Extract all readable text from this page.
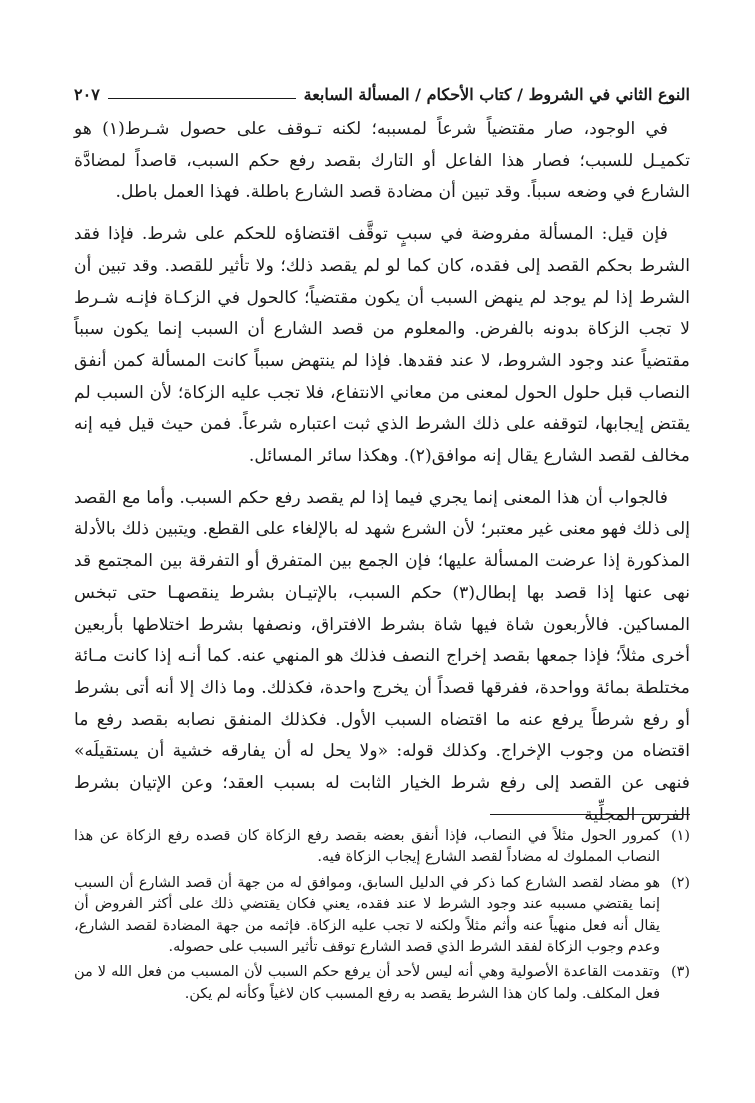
النوع الثاني في الشروط / كتاب الأحكام / المسألة السابعة
٢٠٧

في الوجود، صار مقتضياً شرعاً لمسببه؛ لكنه تـوقف على حصول شـرط(١) هو تكميـل للسبب؛ فصار هذا الفاعل أو التارك بقصد رفع حكم السبب، قاصداً لمضادَّة الشارع في وضعه سبباً. وقد تبين أن مضادة قصد الشارع باطلة. فهذا العمل باطل.

فإن قيل: المسألة مفروضة في سببٍ توقَّف اقتضاؤه للحكم على شرط. فإذا فقد الشرط بحكم القصد إلى فقده، كان كما لو لم يقصد ذلك؛ ولا تأثير للقصد. وقد تبين أن الشرط إذا لم يوجد لم ينهض السبب أن يكون مقتضياً؛ كالحول في الزكـاة فإنـه شـرط لا تجب الزكاة بدونه بالفرض. والمعلوم من قصد الشارع أن السبب إنما يكون سبباً مقتضياً عند وجود الشروط، لا عند فقدها. فإذا لم ينتهض سبباً كانت المسألة كمن أنفق النصاب قبل حلول الحول لمعنى من معاني الانتفاع، فلا تجب عليه الزكاة؛ لأن السبب لم يقتض إيجابها، لتوقفه على ذلك الشرط الذي ثبت اعتباره شرعاً. فمن حيث قيل فيه إنه مخالف لقصد الشارع يقال إنه موافق(٢). وهكذا سائر المسائل.

فالجواب أن هذا المعنى إنما يجري فيما إذا لم يقصد رفع حكم السبب. وأما مع القصد إلى ذلك فهو معنى غير معتبر؛ لأن الشرع شهد له بالإلغاء على القطع. ويتبين ذلك بالأدلة المذكورة إذا عرضت المسألة عليها؛ فإن الجمع بين المتفرق أو التفرقة بين المجتمع قد نهى عنها إذا قصد بها إبطال(٣) حكم السبب، بالإتيـان بشرط ينقصهـا حتى تبخس المساكين. فالأربعون شاة فيها شاة بشرط الافتراق، ونصفها بشرط اختلاطها بأربعين أخرى مثلاً؛ فإذا جمعها بقصد إخراج النصف فذلك هو المنهي عنه. كما أنـه إذا كانت مـائة مختلطة بمائة وواحدة، ففرقها قصداً أن يخرج واحدة، فكذلك. وما ذاك إلا أنه أتى بشرط أو رفع شرطاً يرفع عنه ما اقتضاه السبب الأول. فكذلك المنفق نصابه بقصد رفع ما اقتضاه من وجوب الإخراج. وكذلك قوله: «ولا يحل له أن يفارقه خشية أن يستقيلَه» فنهى عن القصد إلى رفع شرط الخيار الثابت له بسبب العقد؛ وعن الإتيان بشرط الفرس المجلِّية

(١)
كمرور الحول مثلاً في النصاب، فإذا أنفق بعضه بقصد رفع الزكاة كان قصده رفع الزكاة عن هذا النصاب المملوك له مضاداً لقصد الشارع إيجاب الزكاة فيه.
(٢)
هو مضاد لقصد الشارع كما ذكر في الدليل السابق، وموافق له من جهة أن قصد الشارع أن السبب إنما يقتضي مسببه عند وجود الشرط لا عند فقده، يعني فكان يقتضي ذلك على أكثر الفروض أن يقال أنه فعل منهياً عنه وأثم مثلاً ولكنه لا تجب عليه الزكاة. فإثمه من جهة المضادة لقصد الشارع، وعدم وجوب الزكاة لفقد الشرط الذي قصد الشارع توقف تأثير السبب على حصوله.
(٣)
وتقدمت القاعدة الأصولية وهي أنه ليس لأحد أن يرفع حكم السبب لأن المسبب من فعل الله لا من فعل المكلف. ولما كان هذا الشرط يقصد به رفع المسبب كان لاغياً وكأنه لم يكن.
